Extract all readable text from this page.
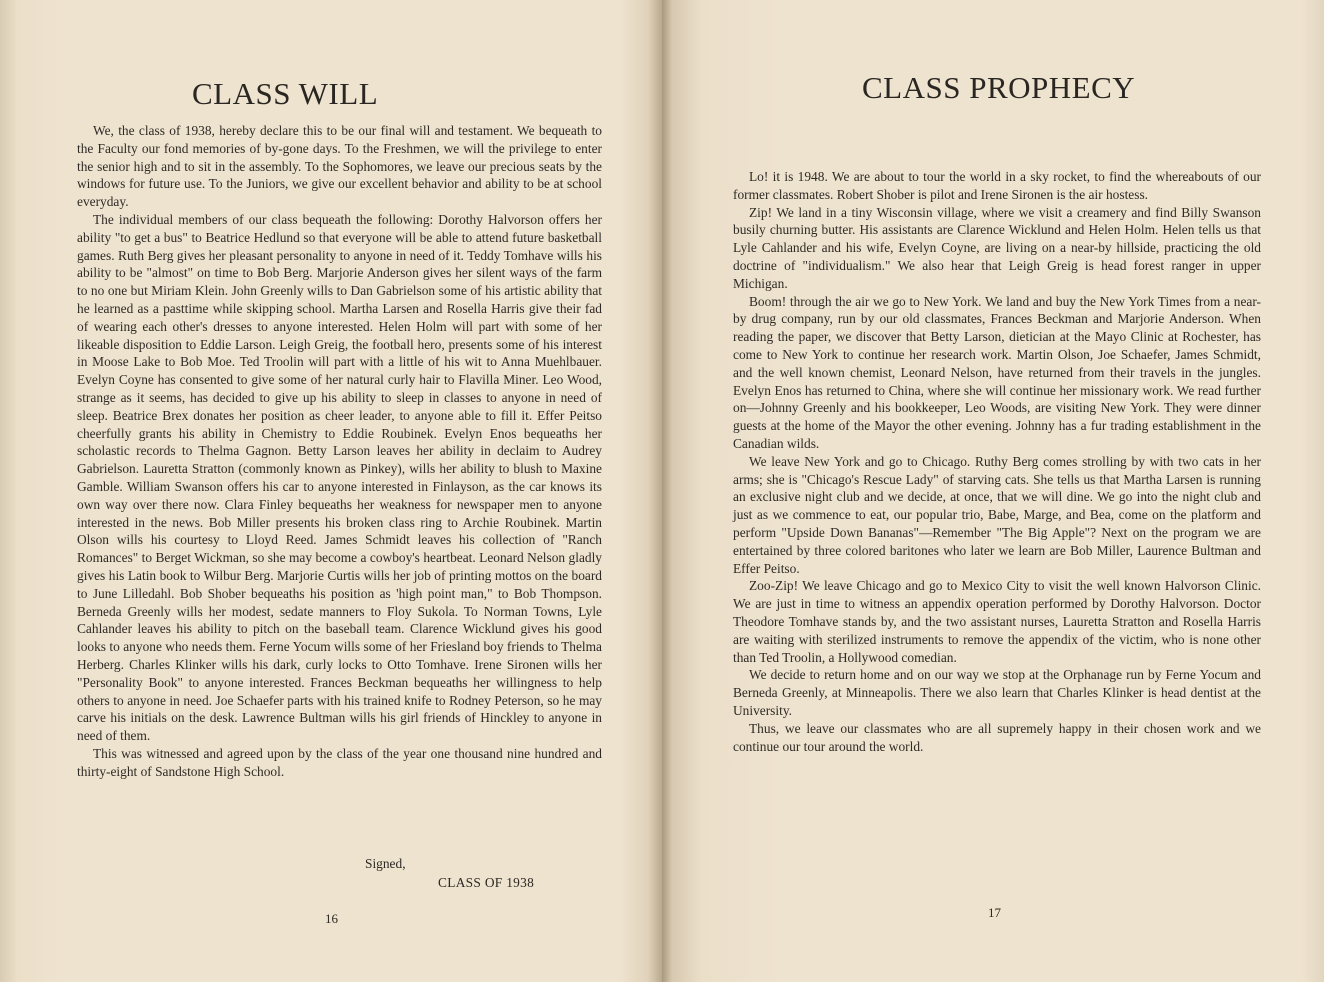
CLASS WILL

We, the class of 1938, hereby declare this to be our final will and testament. We bequeath to the Faculty our fond memories of by-gone days. To the Freshmen, we will the privilege to enter the senior high and to sit in the assembly. To the Sophomores, we leave our precious seats by the windows for future use. To the Juniors, we give our excellent behavior and ability to be at school everyday.

The individual members of our class bequeath the following: Dorothy Halvorson offers her ability "to get a bus" to Beatrice Hedlund so that everyone will be able to attend future basketball games. Ruth Berg gives her pleasant personality to anyone in need of it. Teddy Tomhave wills his ability to be "almost" on time to Bob Berg. Marjorie Anderson gives her silent ways of the farm to no one but Miriam Klein. John Greenly wills to Dan Gabrielson some of his artistic ability that he learned as a pasttime while skipping school. Martha Larsen and Rosella Harris give their fad of wearing each other's dresses to anyone interested. Helen Holm will part with some of her likeable disposition to Eddie Larson. Leigh Greig, the football hero, presents some of his interest in Moose Lake to Bob Moe. Ted Troolin will part with a little of his wit to Anna Muehlbauer. Evelyn Coyne has consented to give some of her natural curly hair to Flavilla Miner. Leo Wood, strange as it seems, has decided to give up his ability to sleep in classes to anyone in need of sleep. Beatrice Brex donates her position as cheer leader, to anyone able to fill it. Effer Peitso cheerfully grants his ability in Chemistry to Eddie Roubinek. Evelyn Enos bequeaths her scholastic records to Thelma Gagnon. Betty Larson leaves her ability in declaim to Audrey Gabrielson. Lauretta Stratton (commonly known as Pinkey), wills her ability to blush to Maxine Gamble. William Swanson offers his car to anyone interested in Finlayson, as the car knows its own way over there now. Clara Finley bequeaths her weakness for newspaper men to anyone interested in the news. Bob Miller presents his broken class ring to Archie Roubinek. Martin Olson wills his courtesy to Lloyd Reed. James Schmidt leaves his collection of "Ranch Romances" to Berget Wickman, so she may become a cowboy's heartbeat. Leonard Nelson gladly gives his Latin book to Wilbur Berg. Marjorie Curtis wills her job of printing mottos on the board to June Lilledahl. Bob Shober bequeaths his position as 'high point man," to Bob Thompson. Berneda Greenly wills her modest, sedate manners to Floy Sukola. To Norman Towns, Lyle Cahlander leaves his ability to pitch on the baseball team. Clarence Wicklund gives his good looks to anyone who needs them. Ferne Yocum wills some of her Friesland boy friends to Thelma Herberg. Charles Klinker wills his dark, curly locks to Otto Tomhave. Irene Sironen wills her "Personality Book" to anyone interested. Frances Beckman bequeaths her willingness to help others to anyone in need. Joe Schaefer parts with his trained knife to Rodney Peterson, so he may carve his initials on the desk. Lawrence Bultman wills his girl friends of Hinckley to anyone in need of them.

This was witnessed and agreed upon by the class of the year one thousand nine hundred and thirty-eight of Sandstone High School.

Signed,
CLASS OF 1938
16
CLASS PROPHECY

Lo! it is 1948. We are about to tour the world in a sky rocket, to find the whereabouts of our former classmates. Robert Shober is pilot and Irene Sironen is the air hostess.

Zip! We land in a tiny Wisconsin village, where we visit a creamery and find Billy Swanson busily churning butter. His assistants are Clarence Wicklund and Helen Holm. Helen tells us that Lyle Cahlander and his wife, Evelyn Coyne, are living on a near-by hillside, practicing the old doctrine of "individualism." We also hear that Leigh Greig is head forest ranger in upper Michigan.

Boom! through the air we go to New York. We land and buy the New York Times from a near-by drug company, run by our old classmates, Frances Beckman and Marjorie Anderson. When reading the paper, we discover that Betty Larson, dietician at the Mayo Clinic at Rochester, has come to New York to continue her research work. Martin Olson, Joe Schaefer, James Schmidt, and the well known chemist, Leonard Nelson, have returned from their travels in the jungles. Evelyn Enos has returned to China, where she will continue her missionary work. We read further on—Johnny Greenly and his bookkeeper, Leo Woods, are visiting New York. They were dinner guests at the home of the Mayor the other evening. Johnny has a fur trading establishment in the Canadian wilds.

We leave New York and go to Chicago. Ruthy Berg comes strolling by with two cats in her arms; she is "Chicago's Rescue Lady" of starving cats. She tells us that Martha Larsen is running an exclusive night club and we decide, at once, that we will dine. We go into the night club and just as we commence to eat, our popular trio, Babe, Marge, and Bea, come on the platform and perform "Upside Down Bananas"—Remember "The Big Apple"? Next on the program we are entertained by three colored baritones who later we learn are Bob Miller, Laurence Bultman and Effer Peitso.

Zoo-Zip! We leave Chicago and go to Mexico City to visit the well known Halvorson Clinic. We are just in time to witness an appendix operation performed by Dorothy Halvorson. Doctor Theodore Tomhave stands by, and the two assistant nurses, Lauretta Stratton and Rosella Harris are waiting with sterilized instruments to remove the appendix of the victim, who is none other than Ted Troolin, a Hollywood comedian.

We decide to return home and on our way we stop at the Orphanage run by Ferne Yocum and Berneda Greenly, at Minneapolis. There we also learn that Charles Klinker is head dentist at the University.

Thus, we leave our classmates who are all supremely happy in their chosen work and we continue our tour around the world.

17
